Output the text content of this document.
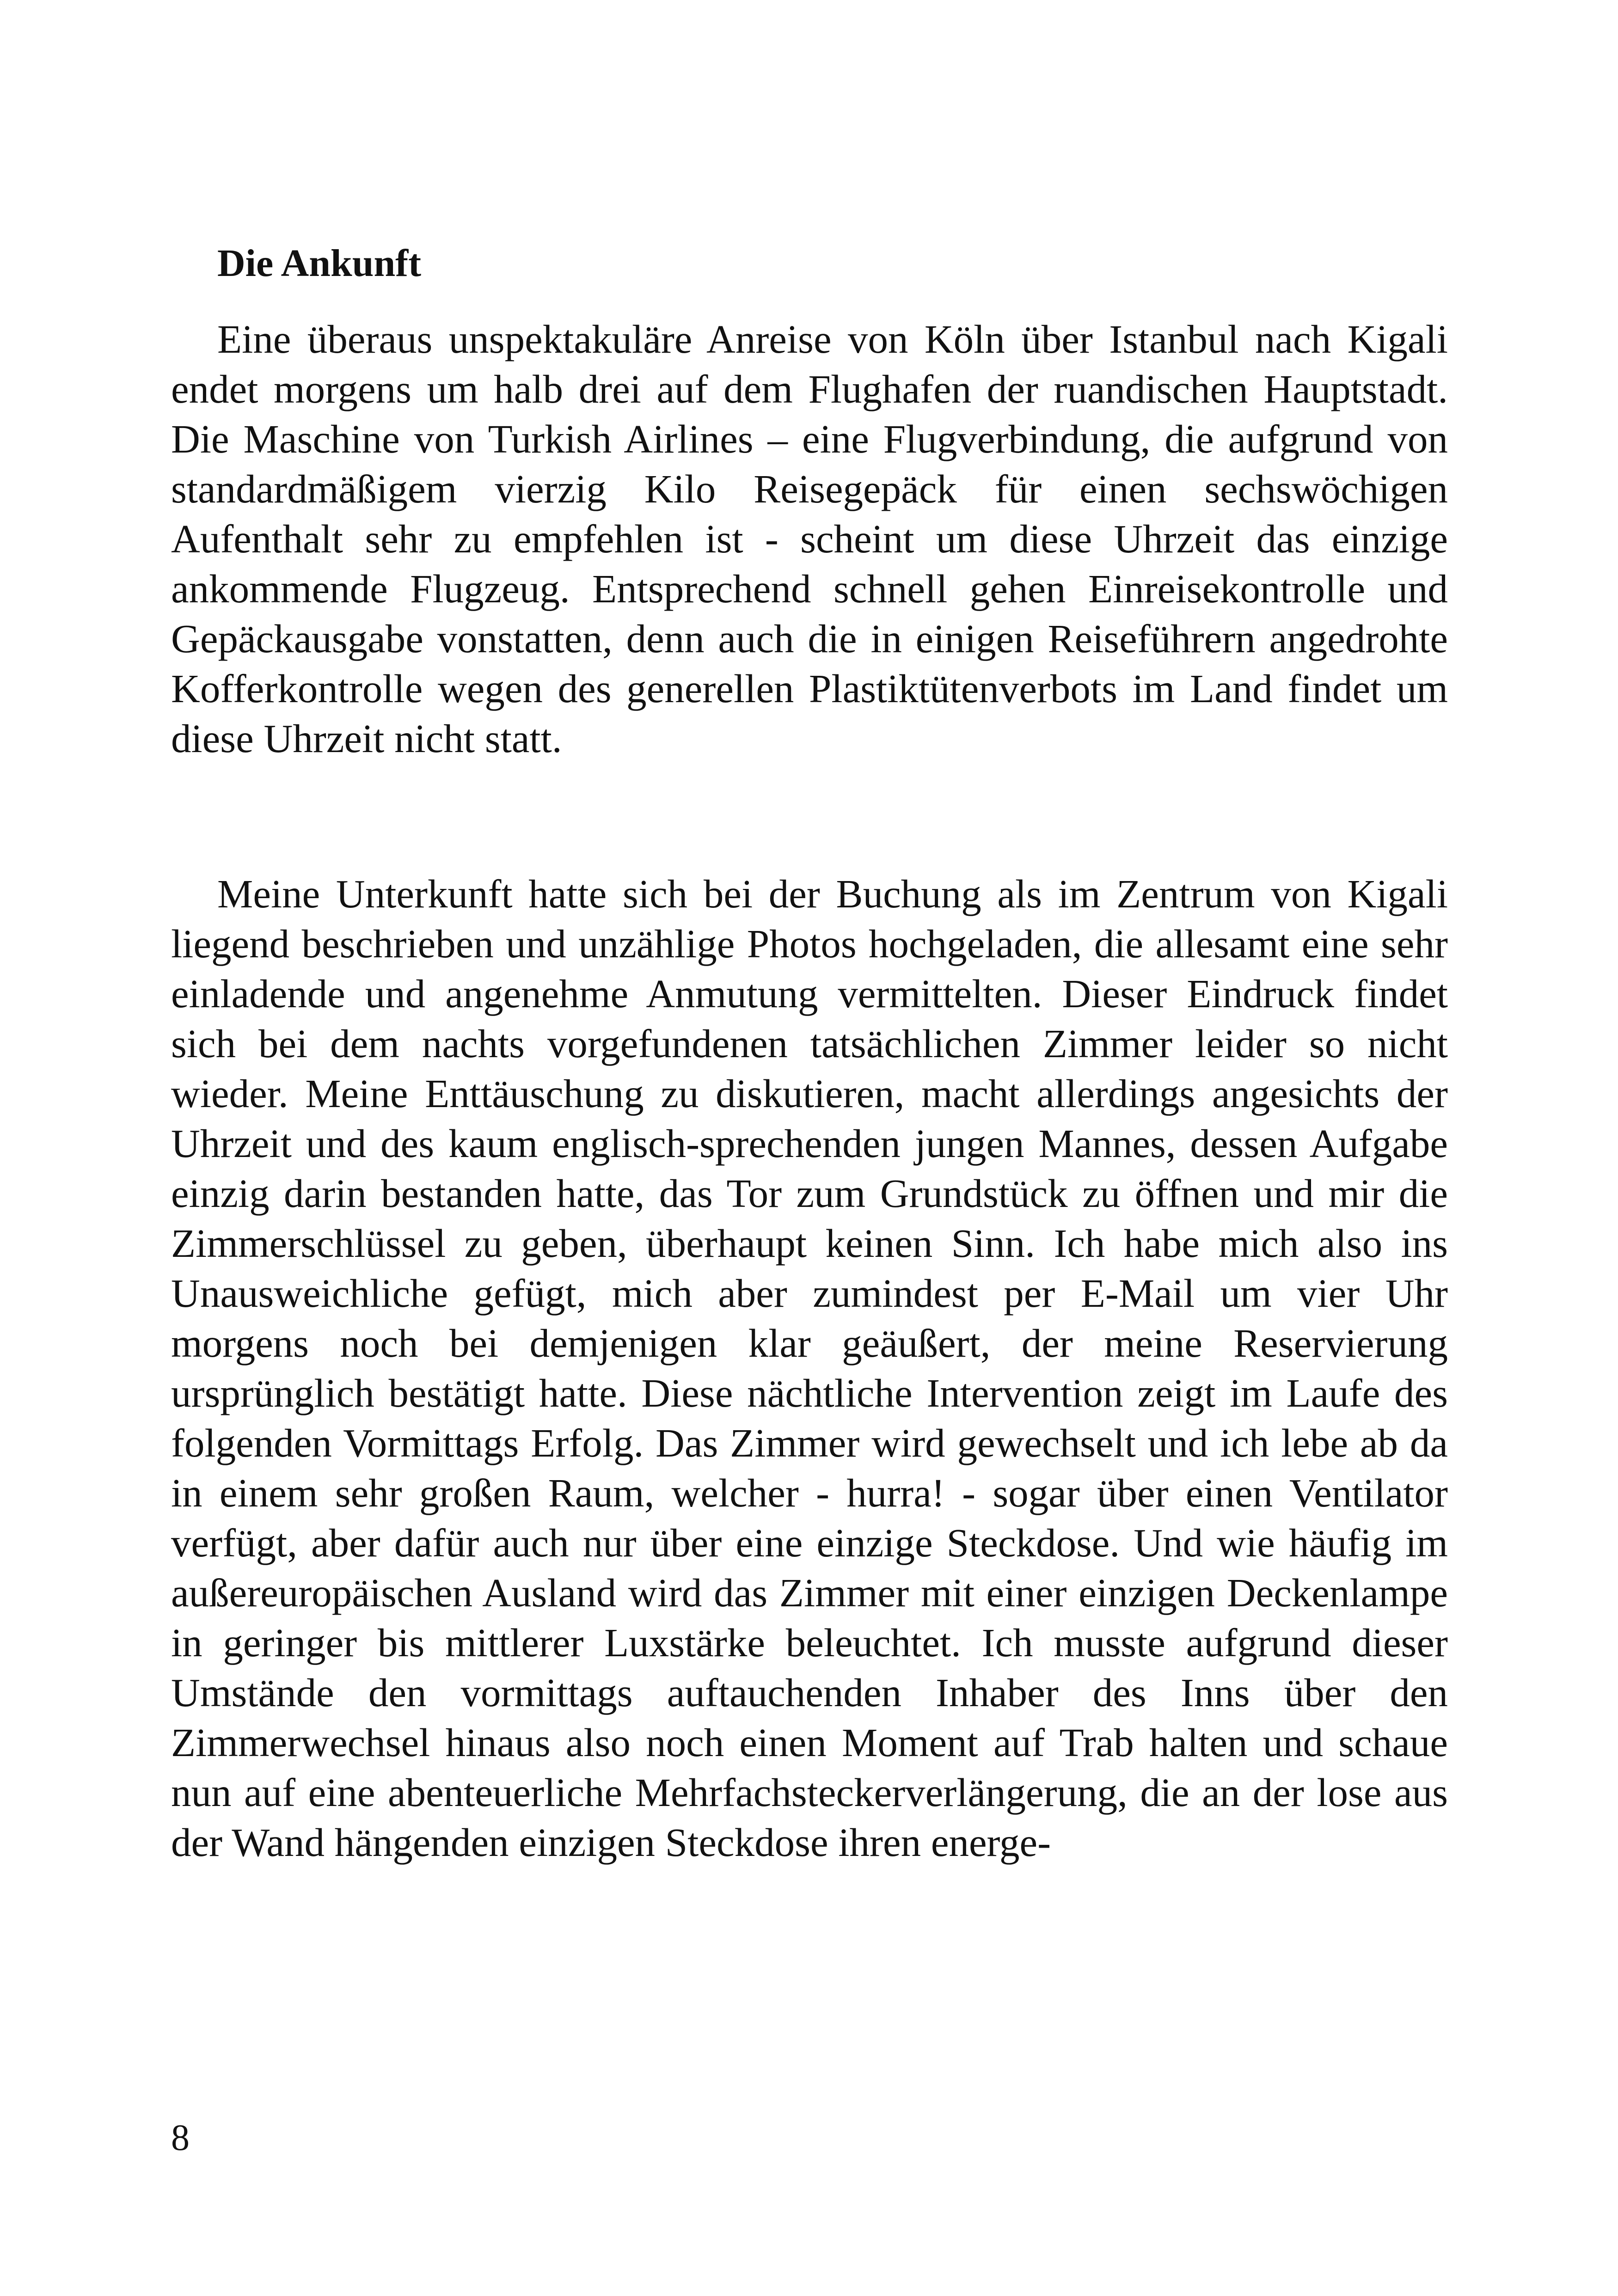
Die Ankunft

Eine überaus unspektakuläre Anreise von Köln über Istanbul nach Kigali endet morgens um halb drei auf dem Flughafen der ruandischen Hauptstadt. Die Maschine von Turkish Airlines – eine Flugverbindung, die aufgrund von standardmäßigem vierzig Kilo Reisegepäck für einen sechswöchigen Aufenthalt sehr zu empfehlen ist - scheint um diese Uhrzeit das einzige ankommende Flugzeug. Entsprechend schnell gehen Einreisekontrolle und Gepäckausgabe vonstatten, denn auch die in einigen Reiseführern angedrohte Kofferkontrolle wegen des generellen Plastiktütenverbots im Land findet um diese Uhrzeit nicht statt.

Meine Unterkunft hatte sich bei der Buchung als im Zentrum von Kigali liegend beschrieben und unzählige Photos hochgeladen, die allesamt eine sehr einladende und angenehme Anmutung vermittelten. Dieser Eindruck findet sich bei dem nachts vorgefundenen tatsächlichen Zimmer leider so nicht wieder. Meine Enttäuschung zu diskutieren, macht allerdings angesichts der Uhrzeit und des kaum englisch-sprechenden jungen Mannes, dessen Aufgabe einzig darin bestanden hatte, das Tor zum Grundstück zu öffnen und mir die Zimmerschlüssel zu geben, überhaupt keinen Sinn. Ich habe mich also ins Unausweichliche gefügt, mich aber zumindest per E-Mail um vier Uhr morgens noch bei demjenigen klar geäußert, der meine Reservierung ursprünglich bestätigt hatte. Diese nächtliche Intervention zeigt im Laufe des folgenden Vormittags Erfolg. Das Zimmer wird gewechselt und ich lebe ab da in einem sehr großen Raum, welcher - hurra! - sogar über einen Ventilator verfügt, aber dafür auch nur über eine einzige Steckdose. Und wie häufig im außereuropäischen Ausland wird das Zimmer mit einer einzigen Deckenlampe in geringer bis mittlerer Luxstärke beleuchtet. Ich musste aufgrund dieser Umstände den vormittags auftauchenden Inhaber des Inns über den Zimmerwechsel hinaus also noch einen Moment auf Trab halten und schaue nun auf eine abenteuerliche Mehrfachsteckerverlängerung, die an der lose aus der Wand hängenden einzigen Steckdose ihren energe-

8
